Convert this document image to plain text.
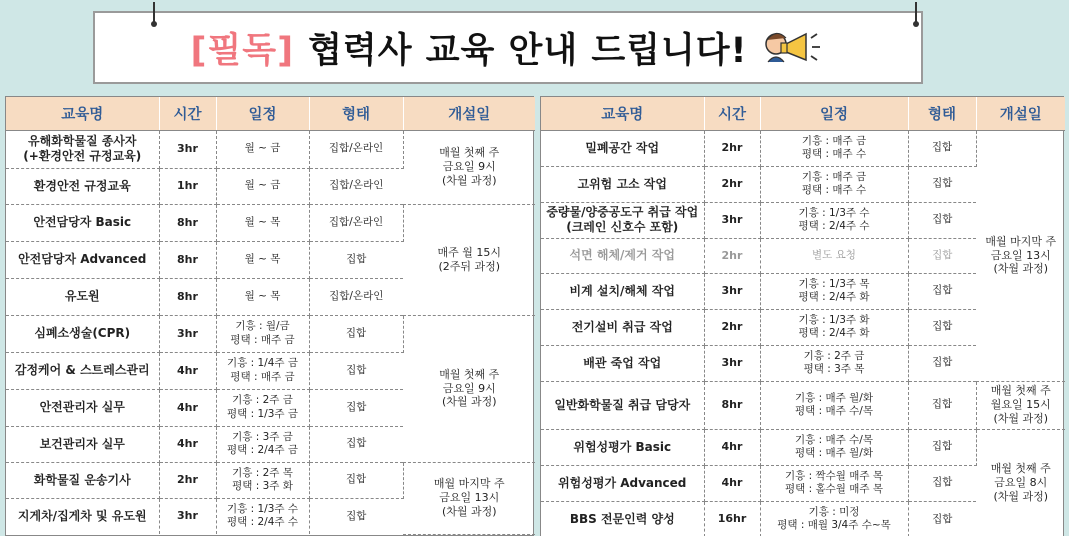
[필독] 협력사 교육 안내 드립니다!
교육명	시간	일정	형태	개설일
유해화학물질 종사자
(+환경안전 규정교육)	3hr	월 ~ 금	집합/온라인	매월 첫째 주
금요일 9시
(차월 과정)
환경안전 규정교육	1hr	월 ~ 금	집합/온라인	
안전담당자 Basic	8hr	월 ~ 목	집합/온라인	매주 월 15시
(2주뒤 과정)
안전담당자 Advanced	8hr	월 ~ 목	집합	
유도원	8hr	월 ~ 목	집합/온라인	
심폐소생술(CPR)	3hr	기흥 : 월/금
평택 : 매주 금	집합	매월 첫째 주
금요일 9시
(차월 과정)
감정케어 & 스트레스관리	4hr	기흥 : 1/4주 금
평택 : 매주 금	집합	
안전관리자 실무	4hr	기흥 : 2주 금
평택 : 1/3주 금	집합	
보건관리자 실무	4hr	기흥 : 3주 금
평택 : 2/4주 금	집합	
화학물질 운송기사	2hr	기흥 : 2주 목
평택 : 3주 화	집합	매월 마지막 주
금요일 13시
(차월 과정)
지게차/집게차 및 유도원	3hr	기흥 : 1/3주 수
평택 : 2/4주 수	집합	
교육명	시간	일정	형태	개설일
밀폐공간 작업	2hr	기흥 : 매주 금
평택 : 매주 수	집합	매월 마지막 주
금요일 13시
(차월 과정)
고위험 고소 작업	2hr	기흥 : 매주 금
평택 : 매주 수	집합	
중량물/양중공도구 취급 작업
(크레인 신호수 포함)	3hr	기흥 : 1/3주 수
평택 : 2/4주 수	집합	
석면 해체/제거 작업	2hr	별도 요청	집합	
비계 설치/해체 작업	3hr	기흥 : 1/3주 목
평택 : 2/4주 화	집합	
전기설비 취급 작업	2hr	기흥 : 1/3주 화
평택 : 2/4주 화	집합	
배관 죽업 작업	3hr	기흥 : 2주 금
평택 : 3주 목	집합	
일반화학물질 취급 담당자	8hr	기흥 : 매주 월/화
평택 : 매주 수/목	집합	매월 첫째 주
월요일 15시
(차월 과정)
위험성평가 Basic	4hr	기흥 : 매주 수/목
평택 : 매주 월/화	집합	매월 첫째 주
금요일 8시
(차월 과정)
위험성평가 Advanced	4hr	기흥 : 짝수월 매주 목
평택 : 홀수월 매주 목	집합	
BBS 전문인력 양성	16hr	기흥 : 미정
평택 : 매월 3/4주 수~목	집합	
